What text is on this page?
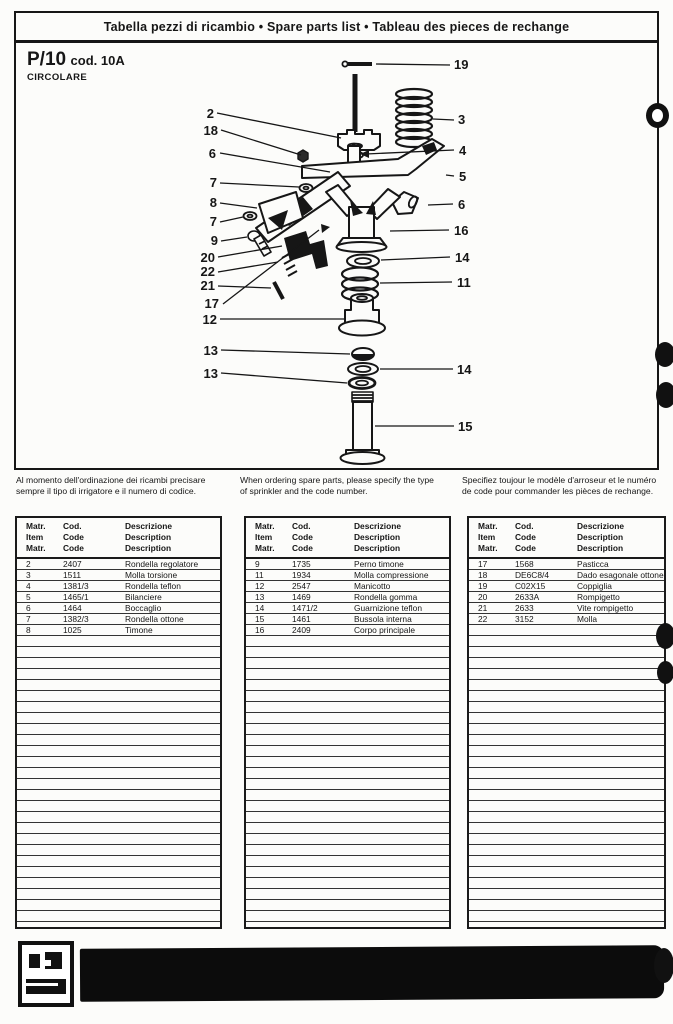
Tabella pezzi di ricambio • Spare parts list • Tableau des pieces de rechange
P/10 cod. 10A
CIRCOLARE
2
18
6
7
8
7
9
20
22
21
17
12
13
13
19
3
4
5
6
16
14
11
14
15
Al momento dell'ordinazione dei ricambi precisare sempre il tipo di irrigatore e il numero di codice.
When ordering spare parts, please specify the type of sprinkler and the code number.
Specifiez toujour le modèle d'arroseur et le numéro de code pour commander les pièces de rechange.
Matr.
Item
Matr.
Cod.
Code
Code
Descrizione
Description
Description
2	2407	Rondella regolatore
3	1511	Molla torsione
4	1381/3	Rondella teflon
5	1465/1	Bilanciere
6	1464	Boccaglio
7	1382/3	Rondella ottone
8	1025	Timone
Matr.
Item
Matr.
Cod.
Code
Code
Descrizione
Description
Description
9	1735	Perno timone
11	1934	Molla compressione
12	2547	Manicotto
13	1469	Rondella gomma
14	1471/2	Guarnizione teflon
15	1461	Bussola interna
16	2409	Corpo principale
Matr.
Item
Matr.
Cod.
Code
Code
Descrizione
Description
Description
17	1568	Pasticca
18	DE6C8/4	Dado esagonale ottone
19	C02X15	Coppiglia
20	2633A	Rompigetto
21	2633	Vite rompigetto
22	3152	Molla
